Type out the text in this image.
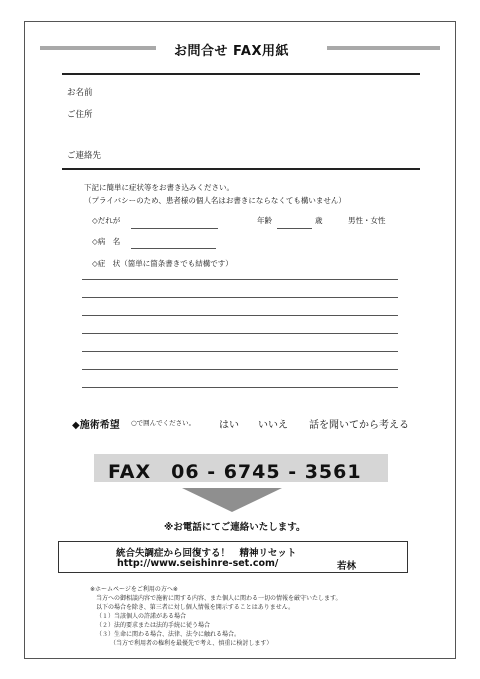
お問合せ FAX用紙
お名前
ご住所
ご連絡先
下記に簡単に症状等をお書き込みください。
（プライバシーのため、患者様の個人名はお書きにならなくても構いません）
◇だれが	年齢	歳	男性・女性
◇病　名
◇症　状（箇単に箇条書きでも結構です）
◆施術希望 ○で囲んでください。 はい いいえ 話を聞いてから考える
FAX　06 - 6745 - 3561
※お電話にてご連絡いたします。
統合失調症から回復する！　精神リセット
http://www.seishinre-set.com/	若林
※ホームページをご利用の方へ※
当方への御相談内容で施術に関する内容、また個人に関わる一切の情報を厳守いたします。
以下の場合を除き、第三者に対し個人情報を開示することはありません。
（１）当該個人の許諾がある場合
（２）法的要求または法的手続に従う場合
（３）生命に関わる場合、法律、法令に触れる場合。
（当方で利用者の権利を最優先で考え、慎重に検討します）
